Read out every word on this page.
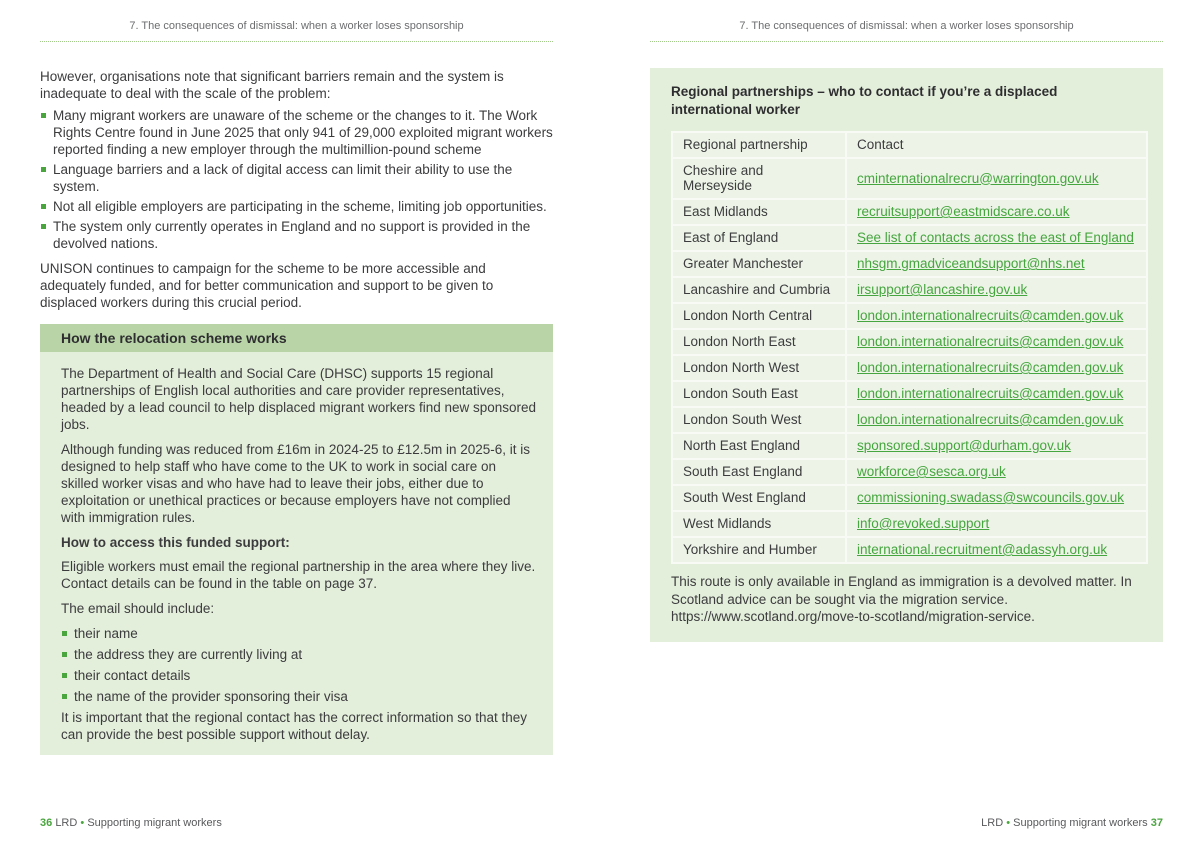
7. The consequences of dismissal: when a worker loses sponsorship

However, organisations note that significant barriers remain and the system is inadequate to deal with the scale of the problem:

Many migrant workers are unaware of the scheme or the changes to it. The Work Rights Centre found in June 2025 that only 941 of 29,000 exploited migrant workers reported finding a new employer through the multimillion-pound scheme
Language barriers and a lack of digital access can limit their ability to use the system.
Not all eligible employers are participating in the scheme, limiting job opportunities.
The system only currently operates in England and no support is provided in the devolved nations.

UNISON continues to campaign for the scheme to be more accessible and adequately funded, and for better communication and support to be given to displaced workers during this crucial period.

How the relocation scheme works

The Department of Health and Social Care (DHSC) supports 15 regional partnerships of English local authorities and care provider representatives, headed by a lead council to help displaced migrant workers find new sponsored jobs.

Although funding was reduced from £16m in 2024-25 to £12.5m in 2025-6, it is designed to help staff who have come to the UK to work in social care on skilled worker visas and who have had to leave their jobs, either due to exploitation or unethical practices or because employers have not complied with immigration rules.

How to access this funded support:

Eligible workers must email the regional partnership in the area where they live. Contact details can be found in the table on page 37.

The email should include:

their name
the address they are currently living at
their contact details
the name of the provider sponsoring their visa

It is important that the regional contact has the correct information so that they can provide the best possible support without delay.

36 LRD • Supporting migrant workers
7. The consequences of dismissal: when a worker loses sponsorship
Regional partnerships – who to contact if you’re a displaced international worker
Regional partnership	Contact
Cheshire and Merseyside	cminternationalrecru@warrington.gov.uk
East Midlands	recruitsupport@eastmidscare.co.uk
East of England	See list of contacts across the east of England
Greater Manchester	nhsgm.gmadviceandsupport@nhs.net
Lancashire and Cumbria	irsupport@lancashire.gov.uk
London North Central	london.internationalrecruits@camden.gov.uk
London North East	london.internationalrecruits@camden.gov.uk
London North West	london.internationalrecruits@camden.gov.uk
London South East	london.internationalrecruits@camden.gov.uk
London South West	london.internationalrecruits@camden.gov.uk
North East England	sponsored.support@durham.gov.uk
South East England	workforce@sesca.org.uk
South West England	commissioning.swadass@swcouncils.gov.uk
West Midlands	info@revoked.support
Yorkshire and Humber	international.recruitment@adassyh.org.uk

This route is only available in England as immigration is a devolved matter. In Scotland advice can be sought via the migration service. https://www.scotland.org/move-to-scotland/migration-service.

LRD • Supporting migrant workers 37
